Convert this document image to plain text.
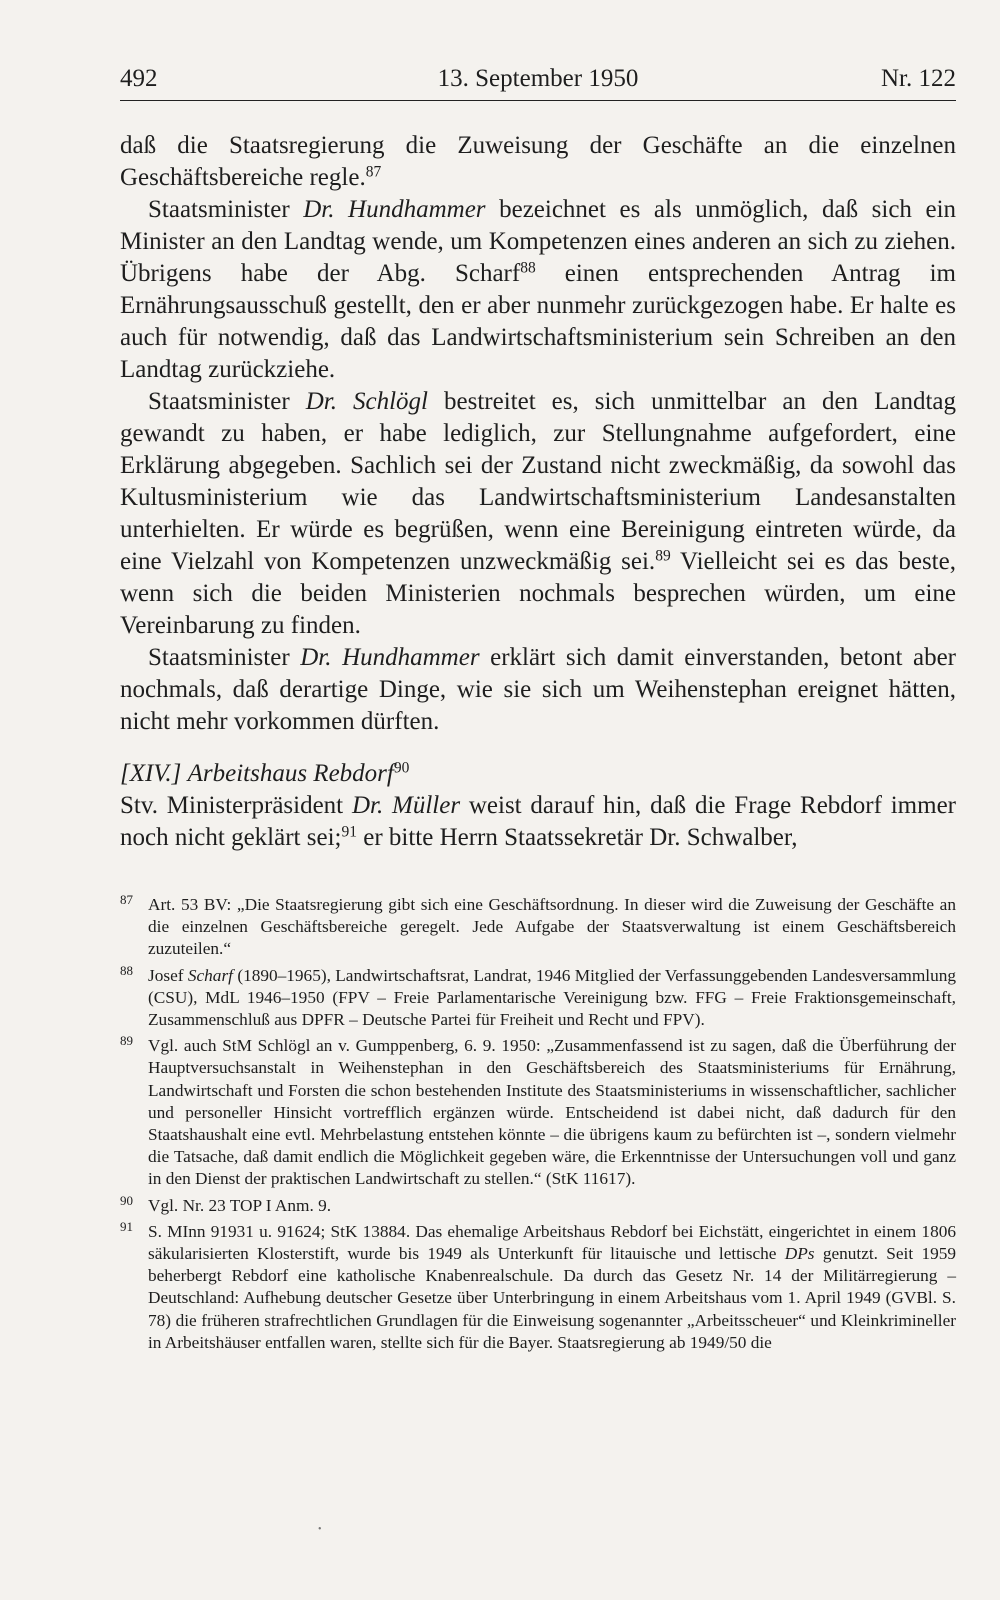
492	13. September 1950	Nr. 122

daß die Staatsregierung die Zuweisung der Geschäfte an die einzelnen Geschäftsbereiche regle.$^{87}$

Staatsminister Dr. Hundhammer bezeichnet es als unmöglich, daß sich ein Minister an den Landtag wende, um Kompetenzen eines anderen an sich zu ziehen. Übrigens habe der Abg. Scharf$^{88}$ einen entsprechenden Antrag im Ernährungsausschuß gestellt, den er aber nunmehr zurückgezogen habe. Er halte es auch für notwendig, daß das Landwirtschaftsministerium sein Schreiben an den Landtag zurückziehe.

Staatsminister Dr. Schlögl bestreitet es, sich unmittelbar an den Landtag gewandt zu haben, er habe lediglich, zur Stellungnahme aufgefordert, eine Erklärung abgegeben. Sachlich sei der Zustand nicht zweckmäßig, da sowohl das Kultusministerium wie das Landwirtschaftsministerium Landesanstalten unterhielten. Er würde es begrüßen, wenn eine Bereinigung eintreten würde, da eine Vielzahl von Kompetenzen unzweckmäßig sei.$^{89}$ Vielleicht sei es das beste, wenn sich die beiden Ministerien nochmals besprechen würden, um eine Vereinbarung zu finden.

Staatsminister Dr. Hundhammer erklärt sich damit einverstanden, betont aber nochmals, daß derartige Dinge, wie sie sich um Weihenstephan ereignet hätten, nicht mehr vorkommen dürften.

[XIV.] Arbeitshaus Rebdorf$^{90}$

Stv. Ministerpräsident Dr. Müller weist darauf hin, daß die Frage Rebdorf immer noch nicht geklärt sei;$^{91}$ er bitte Herrn Staatssekretär Dr. Schwalber,

87 Art. 53 BV: „Die Staatsregierung gibt sich eine Geschäftsordnung. In dieser wird die Zuweisung der Geschäfte an die einzelnen Geschäftsbereiche geregelt. Jede Aufgabe der Staatsverwaltung ist einem Geschäftsbereich zuzuteilen.“
88 Josef Scharf (1890–1965), Landwirtschaftsrat, Landrat, 1946 Mitglied der Verfassunggebenden Landesversammlung (CSU), MdL 1946–1950 (FPV – Freie Parlamentarische Vereinigung bzw. FFG – Freie Fraktionsgemeinschaft, Zusammenschluß aus DPFR – Deutsche Partei für Freiheit und Recht und FPV).
89 Vgl. auch StM Schlögl an v. Gumppenberg, 6. 9. 1950: „Zusammenfassend ist zu sagen, daß die Überführung der Hauptversuchsanstalt in Weihenstephan in den Geschäftsbereich des Staatsministeriums für Ernährung, Landwirtschaft und Forsten die schon bestehenden Institute des Staatsministeriums in wissenschaftlicher, sachlicher und personeller Hinsicht vortrefflich ergänzen würde. Entscheidend ist dabei nicht, daß dadurch für den Staatshaushalt eine evtl. Mehrbelastung entstehen könnte – die übrigens kaum zu befürchten ist –, sondern vielmehr die Tatsache, daß damit endlich die Möglichkeit gegeben wäre, die Erkenntnisse der Untersuchungen voll und ganz in den Dienst der praktischen Landwirtschaft zu stellen.“ (StK 11617).
90 Vgl. Nr. 23 TOP I Anm. 9.
91 S. MInn 91931 u. 91624; StK 13884. Das ehemalige Arbeitshaus Rebdorf bei Eichstätt, eingerichtet in einem 1806 säkularisierten Klosterstift, wurde bis 1949 als Unterkunft für litauische und lettische DPs genutzt. Seit 1959 beherbergt Rebdorf eine katholische Knabenrealschule. Da durch das Gesetz Nr. 14 der Militärregierung – Deutschland: Aufhebung deutscher Gesetze über Unterbringung in einem Arbeitshaus vom 1. April 1949 (GVBl. S. 78) die früheren strafrechtlichen Grundlagen für die Einweisung sogenannter „Arbeitsscheuer“ und Kleinkrimineller in Arbeitshäuser entfallen waren, stellte sich für die Bayer. Staatsregierung ab 1949/50 die
•
